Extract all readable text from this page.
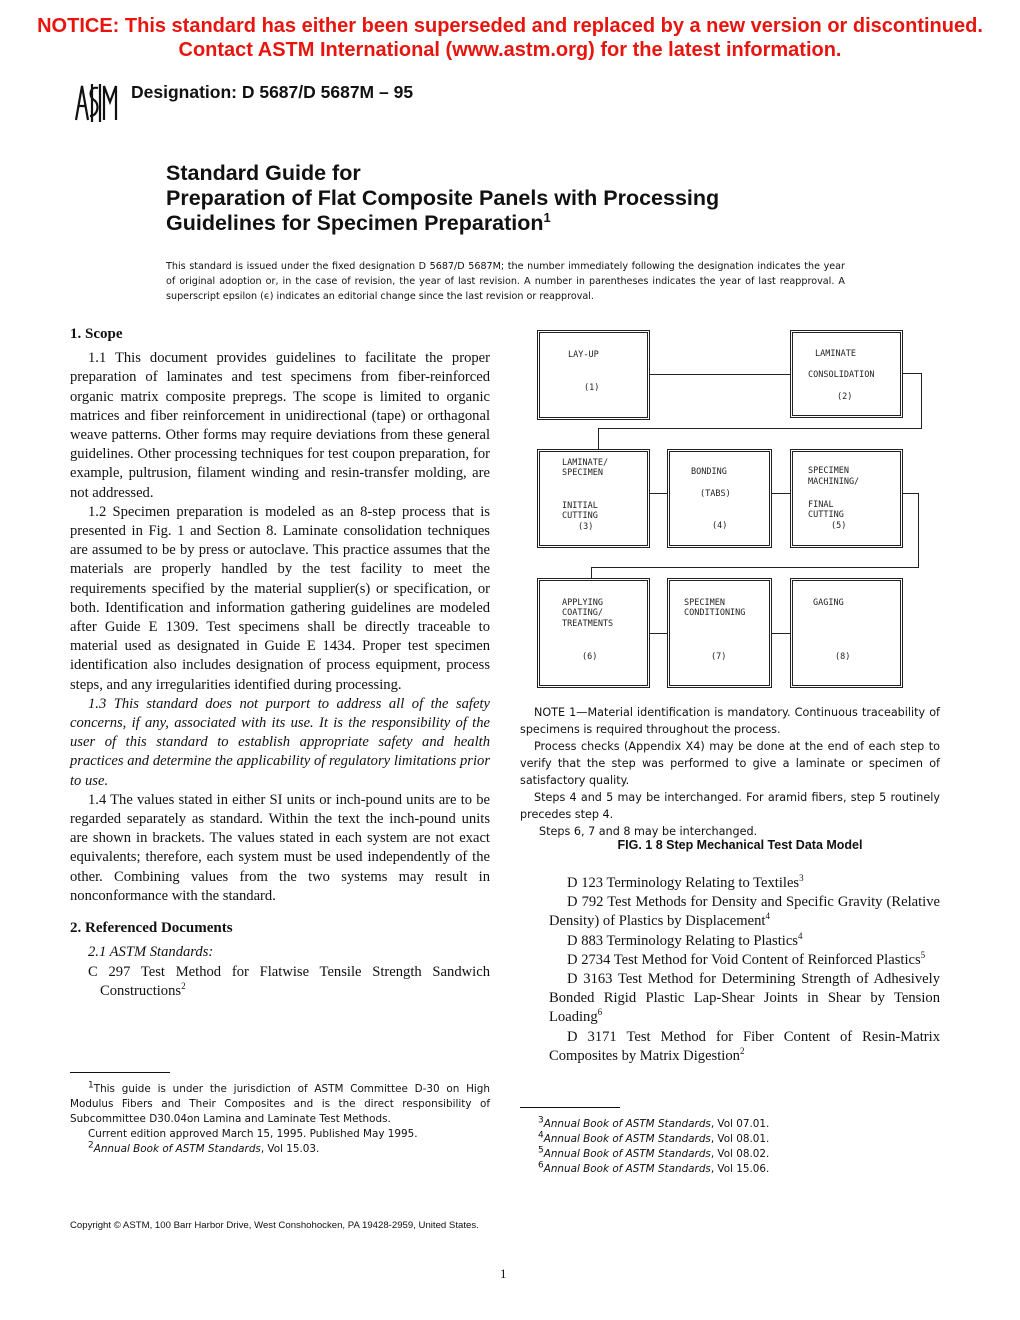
NOTICE: This standard has either been superseded and replaced by a new version or discontinued.
Contact ASTM International (www.astm.org) for the latest information.
Designation: D 5687/D 5687M – 95
Standard Guide for
Preparation of Flat Composite Panels with Processing
Guidelines for Specimen Preparation$^1$
This standard is issued under the fixed designation D 5687/D 5687M; the number immediately following the designation indicates the year of original adoption or, in the case of revision, the year of last revision. A number in parentheses indicates the year of last reapproval. A superscript epsilon (ϵ) indicates an editorial change since the last revision or reapproval.
1. Scope

1.1 This document provides guidelines to facilitate the proper preparation of laminates and test specimens from fiber-reinforced organic matrix composite prepregs. The scope is limited to organic matrices and fiber reinforcement in unidirectional (tape) or orthagonal weave patterns. Other forms may require deviations from these general guidelines. Other processing techniques for test coupon preparation, for example, pultrusion, filament winding and resin-transfer molding, are not addressed.

1.2 Specimen preparation is modeled as an 8-step process that is presented in Fig. 1 and Section 8. Laminate consolidation techniques are assumed to be by press or autoclave. This practice assumes that the materials are properly handled by the test facility to meet the requirements specified by the material supplier(s) or specification, or both. Identification and information gathering guidelines are modeled after Guide E 1309. Test specimens shall be directly traceable to material used as designated in Guide E 1434. Proper test specimen identification also includes designation of process equipment, process steps, and any irregularities identified during processing.

1.3 This standard does not purport to address all of the safety concerns, if any, associated with its use. It is the responsibility of the user of this standard to establish appropriate safety and health practices and determine the applicability of regulatory limitations prior to use.

1.4 The values stated in either SI units or inch-pound units are to be regarded separately as standard. Within the text the inch-pound units are shown in brackets. The values stated in each system are not exact equivalents; therefore, each system must be used independently of the other. Combining values from the two systems may result in nonconformance with the standard.

2. Referenced Documents

2.1 ASTM Standards:

C 297 Test Method for Flatwise Tensile Strength Sandwich Constructions$^2$

$^1$This guide is under the jurisdiction of ASTM Committee D-30 on High Modulus Fibers and Their Composites and is the direct responsibility of Subcommittee D30.04on Lamina and Laminate Test Methods.

Current edition approved March 15, 1995. Published May 1995.

$^2$Annual Book of ASTM Standards, Vol 15.03.

LAY-UP
(1)
LAMINATE
CONSOLIDATION
(2)
LAMINATE/
SPECIMEN
INITIAL
CUTTING
(3)
BONDING
(TABS)
(4)
SPECIMEN
MACHINING/
FINAL
CUTTING
(5)
APPLYING
COATING/
TREATMENTS
(6)
SPECIMEN
CONDITIONING
(7)
GAGING
(8)

NOTE 1—Material identification is mandatory. Continuous traceability of specimens is required throughout the process.

Process checks (Appendix X4) may be done at the end of each step to verify that the step was performed to give a laminate or specimen of satisfactory quality.

Steps 4 and 5 may be interchanged. For aramid fibers, step 5 routinely precedes step 4.

Steps 6, 7 and 8 may be interchanged.

FIG. 1 8 Step Mechanical Test Data Model

D 123 Terminology Relating to Textiles$^3$

D 792 Test Methods for Density and Specific Gravity (Relative Density) of Plastics by Displacement$^4$

D 883 Terminology Relating to Plastics$^4$

D 2734 Test Method for Void Content of Reinforced Plastics$^5$

D 3163 Test Method for Determining Strength of Adhesively Bonded Rigid Plastic Lap-Shear Joints in Shear by Tension Loading$^6$

D 3171 Test Method for Fiber Content of Resin-Matrix Composites by Matrix Digestion$^2$

$^3$Annual Book of ASTM Standards, Vol 07.01.

$^4$Annual Book of ASTM Standards, Vol 08.01.

$^5$Annual Book of ASTM Standards, Vol 08.02.

$^6$Annual Book of ASTM Standards, Vol 15.06.

Copyright © ASTM, 100 Barr Harbor Drive, West Conshohocken, PA 19428-2959, United States.
1
